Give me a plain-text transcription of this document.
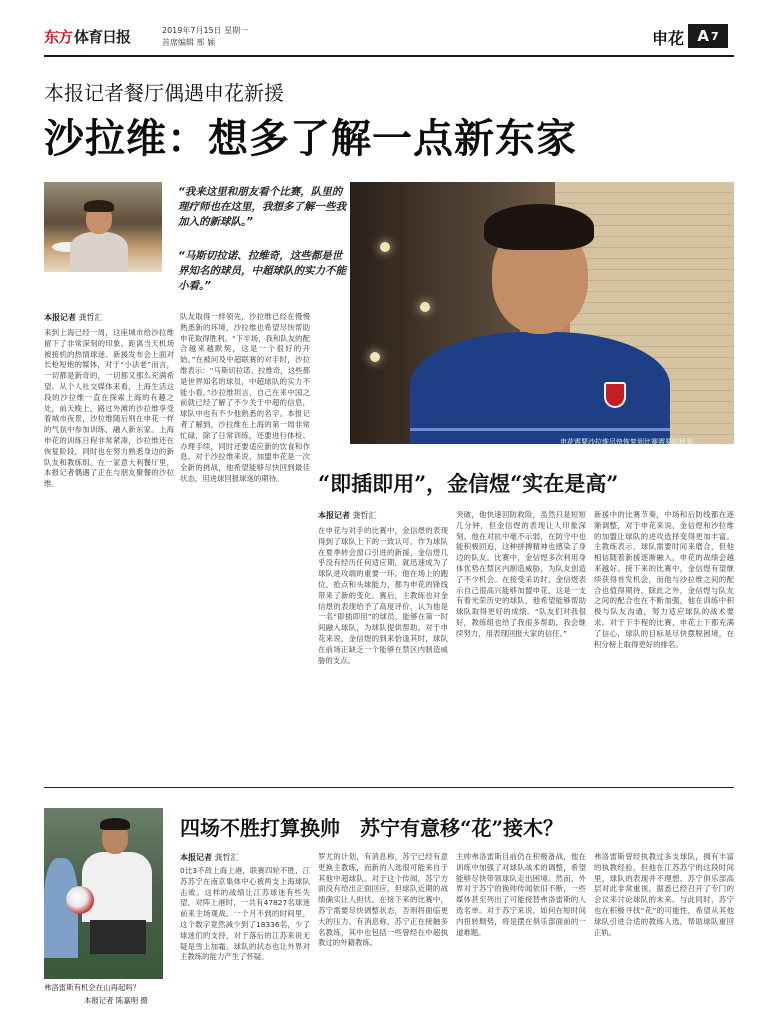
东方 体育日报	2019年7月15日 星期一
首席编辑 邢 颖	申花 A 7
本报记者餐厅偶遇申花新援
沙拉维：想多了解一点新东家
“我来这里和朋友看个比赛，队里的理疗师也在这里，我想多了解一些我加入的新球队。”
“马斯切拉诺、拉维奇，这些都是世界知名的球员，中超球队的实力不能小看。”
申花需要沙拉维尽快恢复到比赛需要的状态
本报记者 龚哲汇
来到上海已经一周，这座城市给沙拉维留下了非常深刻的印象。距离当天机场被接机的热情球迷、新援发布会上面对长枪短炮的媒体，对于“小法老”而言，一切都是新奇的，一切都又那么充满希望。从个人社交媒体来看，上海生活这段的沙拉维一直在探索上海的有趣之处，前天晚上，路过外滩的沙拉维享受着城市夜景，沙拉维随后则在申花一样的气氛中参加训练，融入新东家。上海申花的训练日程非常紧凑，沙拉维还在恢复阶段，同时也在努力熟悉身边的新队友和教练组。在一家意大利餐厅里，本报记者偶遇了正在与朋友聚餐的沙拉维。
队友取得一样领先，沙拉维已经在慢慢熟悉新的环境，沙拉维也希望尽快帮助申花取得胜利。“下半场，我和队友的配合越来越默契，这是一个很好的开始。”在被问及中超联赛的对手时，沙拉维表示：“马斯切拉诺、拉维奇，这些都是世界知名的球员，中超球队的实力不能小看。”沙拉维坦言，自己在来中国之前就已经了解了不少关于中超的信息，球队中也有不少他熟悉的名字。本报记者了解到，沙拉维在上海的第一周非常忙碌，除了日常训练，还要进行体检、办理手续，同时还要适应新的饮食和作息。对于沙拉维来说，加盟申花是一次全新的挑战，他希望能够尽快回到最佳状态，用进球回报球迷的期待。	“即插即用”，金信煜“实在是高”
本报记者 龚哲汇
在申花与对手的比赛中，金信煜的表现得到了球队上下的一致认可。作为球队在夏季转会窗口引进的新援，金信煜几乎没有经历任何适应期，就迅速成为了球队进攻端的重要一环。他在场上的跑位、抢点和头球能力，都为申花的锋线带来了新的变化。赛后，主教练也对金信煜的表现给予了高度评价，认为他是一名“即插即用”的球员，能够在第一时间融入球队，为球队提供帮助。对于申花来说，金信煜的到来恰逢其时，球队在前场正缺乏一个能够在禁区内制造威胁的支点。
突破，他快速回防救险，虽然只是短短几分钟，但金信煜的表现让人印象深刻。他在对抗中毫不示弱，在防守中也能积极回追，这种拼搏精神也感染了身边的队友。比赛中，金信煜多次利用身体优势在禁区内制造威胁，为队友创造了不少机会。在接受采访时，金信煜表示自己很高兴能够加盟申花，这是一支有着光荣历史的球队，他希望能够帮助球队取得更好的成绩。“队友们对我很好，教练组也给了我很多帮助，我会继续努力，用表现回报大家的信任。”
新援中的比赛节奏，中场和后防线都在逐渐调整，对于申花来说，金信煜和沙拉维的加盟让球队的进攻选择变得更加丰富。主教练表示，球队需要时间来磨合，但他相信随着新援逐渐融入，申花的战绩会越来越好。接下来的比赛中，金信煜有望继续获得首发机会，而他与沙拉维之间的配合也值得期待。除此之外，金信煜与队友之间的配合也在不断加强，他在训练中积极与队友沟通，努力适应球队的战术要求。对于下半程的比赛，申花上下都充满了信心，球队的目标是尽快摆脱困境，在积分榜上取得更好的排名。
弗洛雷斯有机会在山再起吗？
本报记者 陈嘉明 摄
四场不胜打算换帅　苏宁有意移“花”接木？
本报记者 龚哲汇
0比3不敌上海上港，联赛四轮不胜，江苏苏宁在南京集体中心被两支上海球队击败。这样的战绩让江苏球迷有些失望，对阵上港时，一共有47827名球迷前来主场观战。一个月不到的时间里，这个数字竟然减少到了18336名，少了球迷们的支持，对于落后的江苏来说无疑是雪上加霜。球队的状态也让外界对主教练的能力产生了怀疑。
罗尤的计划，有消息称，苏宁已经有意更换主教练，而新的人选很可能来自于其他中超球队。对于这个传闻，苏宁方面没有给出正面回应，但球队近期的战绩确实让人担忧。在接下来的比赛中，苏宁需要尽快调整状态，否则将面临更大的压力。有消息称，苏宁正在接触多名教练，其中也包括一些曾经在中超执教过的外籍教练。
主帅弗洛雷斯目前仍在积极备战，他在训练中加强了对球队战术的调整，希望能够尽快带领球队走出困境。然而，外界对于苏宁的换帅传闻依旧不断，一些媒体甚至列出了可能接替弗洛雷斯的人选名单。对于苏宁来说，如何在短时间内扭转颓势，将是摆在俱乐部面前的一道难题。
弗洛雷斯曾经执教过多支球队，拥有丰富的执教经验，但他在江苏苏宁的这段时间里，球队的表现并不理想。苏宁俱乐部高层对此非常重视，据悉已经召开了专门的会议来讨论球队的未来。与此同时，苏宁也在积极寻找“花”的可能性，希望从其他球队引进合适的教练人选，帮助球队重回正轨。
